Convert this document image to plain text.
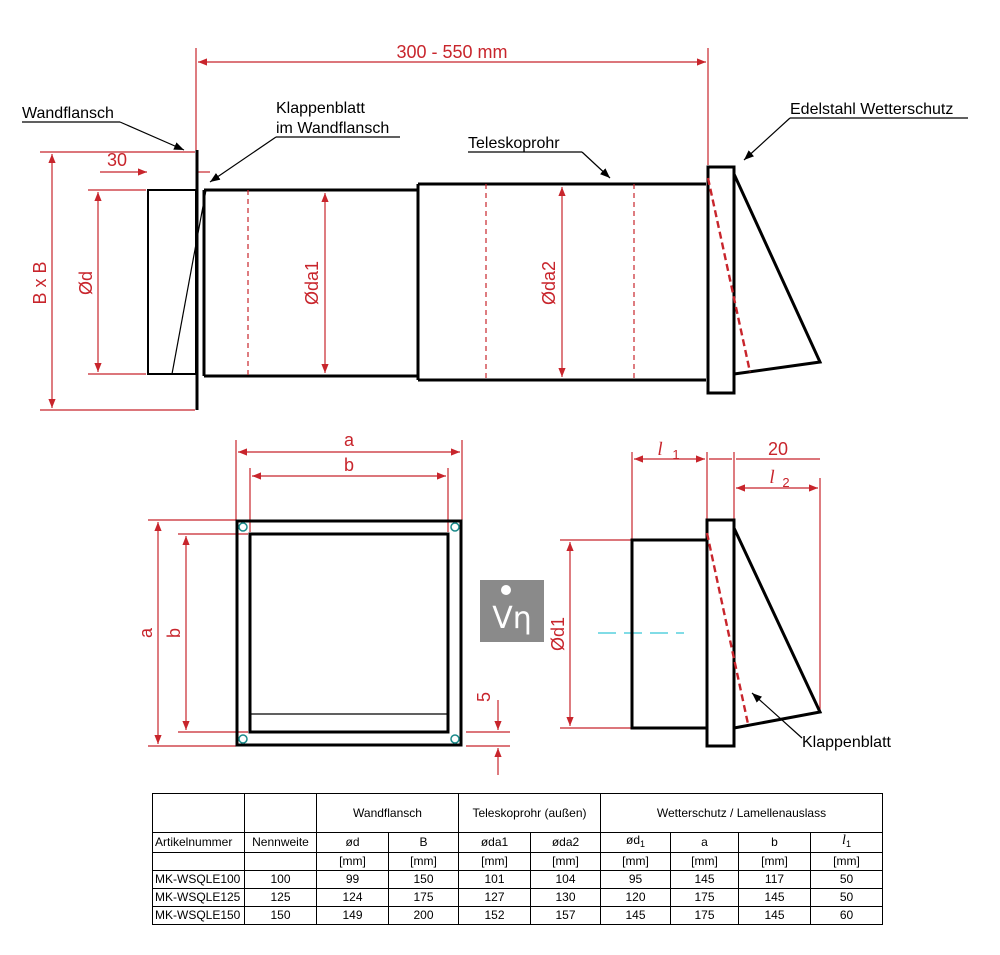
300 - 550 mm
30
B x B Ød	Øda1	Øda2
Wandflansch	Klappenblatt
im Wandflansch
Teleskoprohr
Edelstahl Wetterschutz
a
b
a b
5
Vη
l 1	20
l 2
Ød1
Klappenblatt
		Wandflansch		Teleskoprohr (außen)		Wetterschutz / Lamellenauslass			
Artikelnummer	Nennweite	ød	B	øda1	øda2	$ød_1$	a	b	$l_1$
		[mm]	[mm]	[mm]	[mm]	[mm]	[mm]	[mm]	[mm]
MK-WSQLE100	100	99	150	101	104	95	145	117	50
MK-WSQLE125	125	124	175	127	130	120	175	145	50
MK-WSQLE150	150	149	200	152	157	145	175	145	60
